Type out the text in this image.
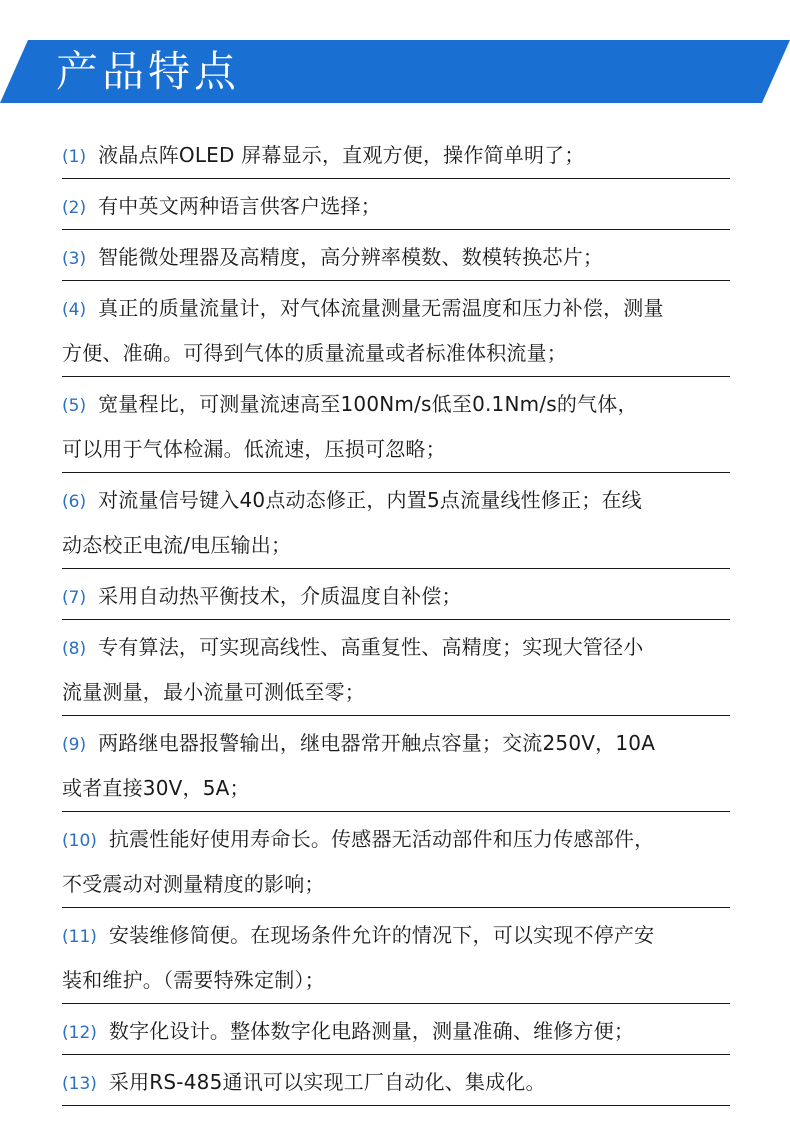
产品特点
(1) 液晶点阵OLED 屏幕显示，直观方便，操作简单明了；
(2) 有中英文两种语言供客户选择；
(3) 智能微处理器及高精度，高分辨率模数、数模转换芯片；
(4) 真正的质量流量计，对气体流量测量无需温度和压力补偿，测量
方便、准确。可得到气体的质量流量或者标准体积流量；
(5) 宽量程比，可测量流速高至100Nm/s低至0.1Nm/s的气体，
可以用于气体检漏。低流速，压损可忽略；
(6) 对流量信号键入40点动态修正，内置5点流量线性修正；在线
动态校正电流/电压输出；
(7) 采用自动热平衡技术，介质温度自补偿；
(8) 专有算法，可实现高线性、高重复性、高精度；实现大管径小
流量测量，最小流量可测低至零；
(9) 两路继电器报警输出，继电器常开触点容量；交流250V，10A
或者直接30V，5A；
(10) 抗震性能好使用寿命长。传感器无活动部件和压力传感部件，
不受震动对测量精度的影响；
(11) 安装维修简便。在现场条件允许的情况下，可以实现不停产安
装和维护。（需要特殊定制）；
(12) 数字化设计。整体数字化电路测量，测量准确、维修方便；
(13) 采用RS-485通讯可以实现工厂自动化、集成化。
